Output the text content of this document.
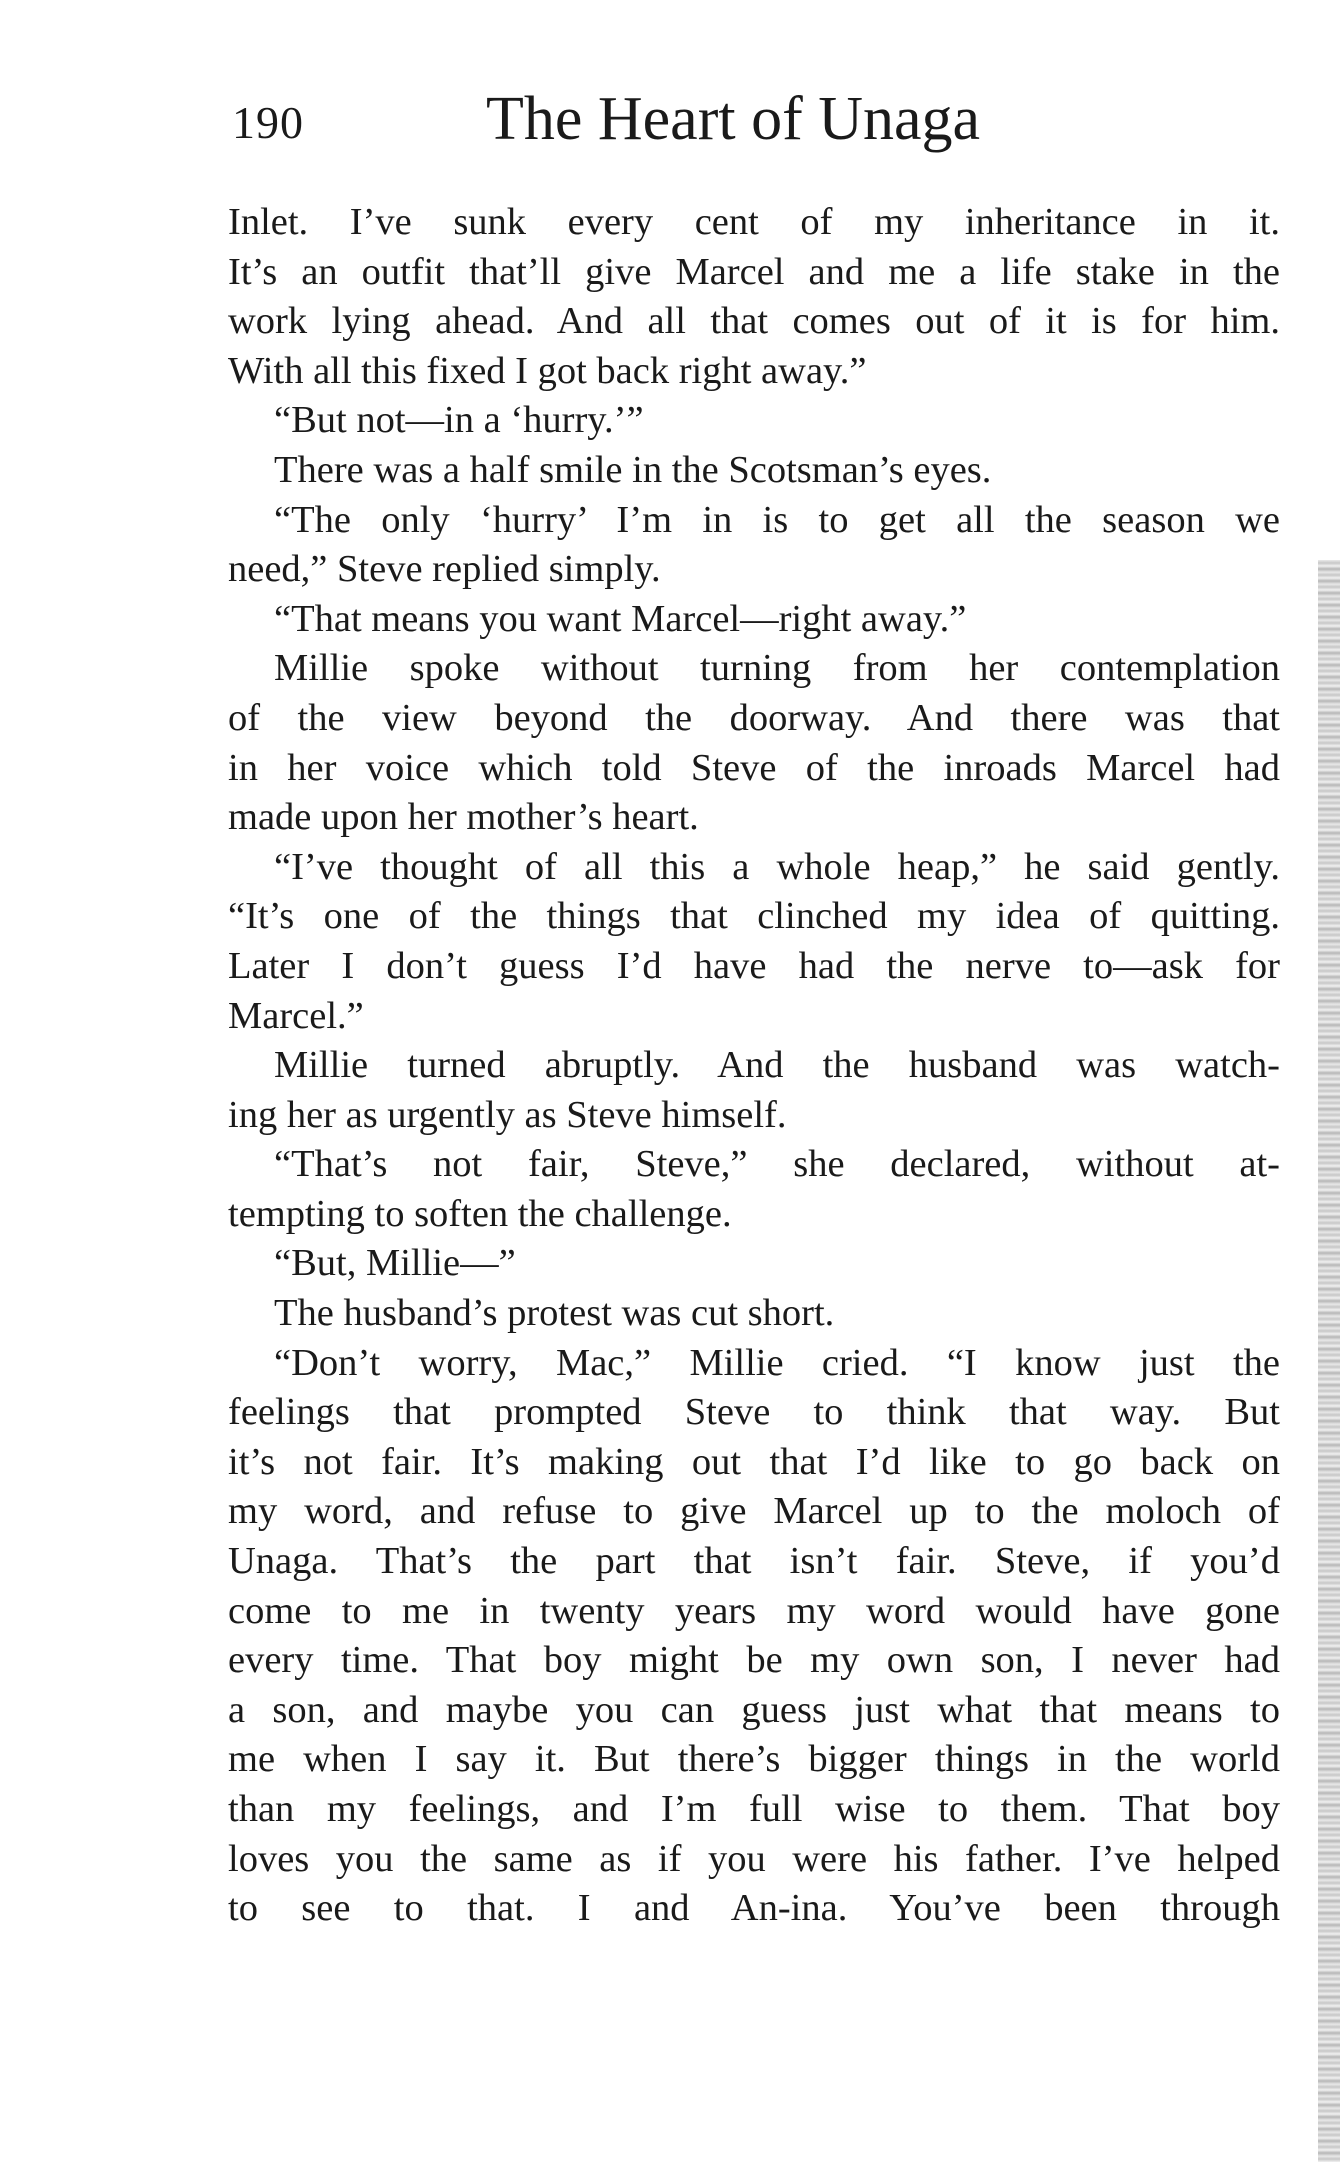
190	The Heart of Unaga
Inlet. I’ve sunk every cent of my inheritance in it.
It’s an outfit that’ll give Marcel and me a life stake in the
work lying ahead. And all that comes out of it is for him.
With all this fixed I got back right away.”
“But not—in a ‘hurry.’”
There was a half smile in the Scotsman’s eyes.
“The only ‘hurry’ I’m in is to get all the season we
need,” Steve replied simply.
“That means you want Marcel—right away.”
Millie spoke without turning from her contemplation
of the view beyond the doorway. And there was that
in her voice which told Steve of the inroads Marcel had
made upon her mother’s heart.
“I’ve thought of all this a whole heap,” he said gently.
“It’s one of the things that clinched my idea of quitting.
Later I don’t guess I’d have had the nerve to—ask for
Marcel.”
Millie turned abruptly. And the husband was watch-
ing her as urgently as Steve himself.
“That’s not fair, Steve,” she declared, without at-
tempting to soften the challenge.
“But, Millie—”
The husband’s protest was cut short.
“Don’t worry, Mac,” Millie cried. “I know just the
feelings that prompted Steve to think that way. But
it’s not fair. It’s making out that I’d like to go back on
my word, and refuse to give Marcel up to the moloch of
Unaga. That’s the part that isn’t fair. Steve, if you’d
come to me in twenty years my word would have gone
every time. That boy might be my own son, I never had
a son, and maybe you can guess just what that means to
me when I say it. But there’s bigger things in the world
than my feelings, and I’m full wise to them. That boy
loves you the same as if you were his father. I’ve helped
to see to that. I and An-ina. You’ve been through
